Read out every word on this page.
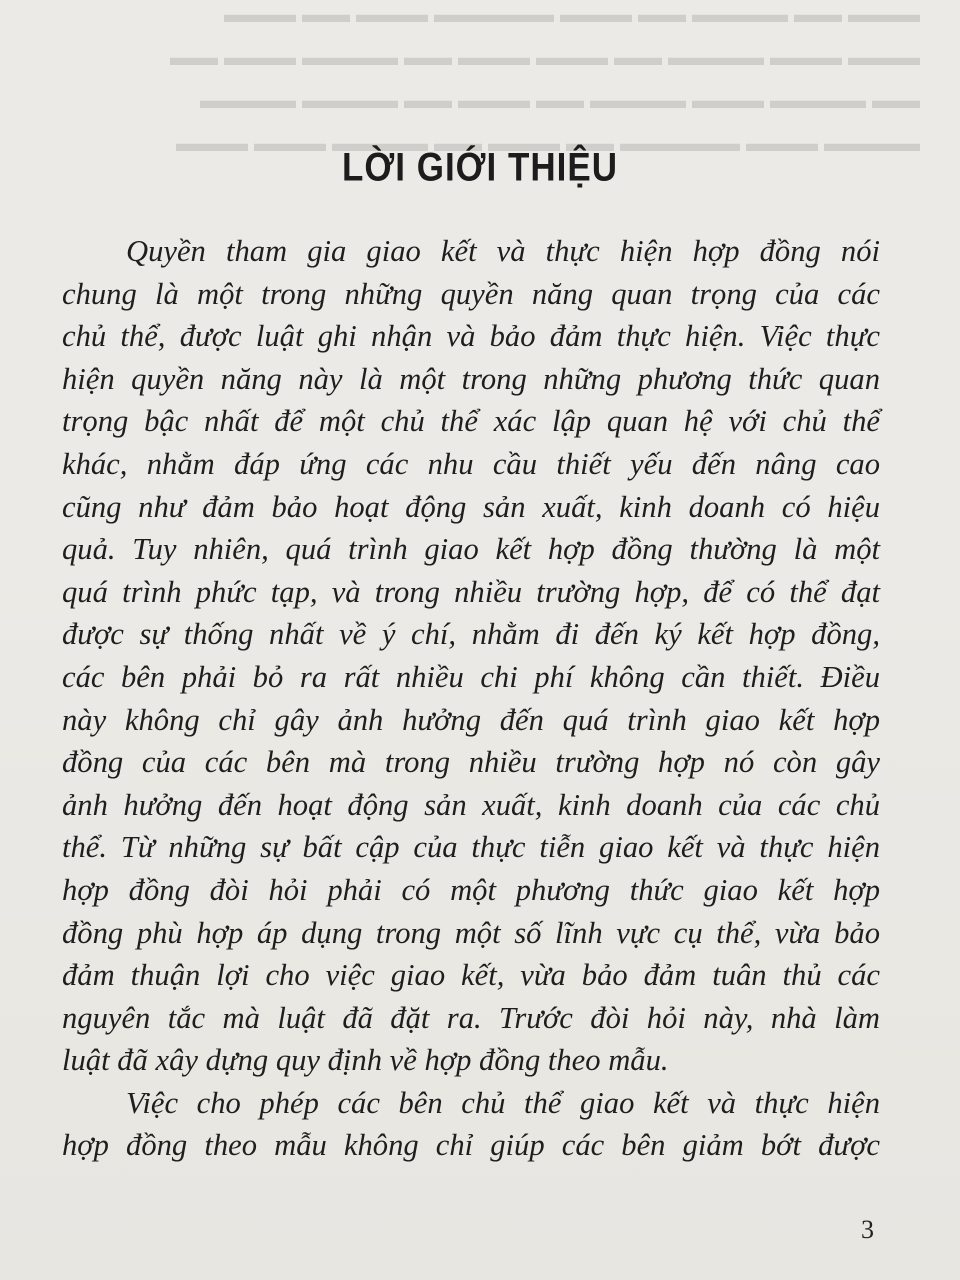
▬▬▬ ▬▬ ▬▬▬▬ ▬▬ ▬▬▬ ▬▬▬▬▬ ▬▬▬ ▬▬ ▬▬▬
▬▬▬ ▬▬▬ ▬▬▬▬ ▬▬ ▬▬▬ ▬▬▬ ▬▬ ▬▬▬▬ ▬▬▬ ▬▬
▬▬ ▬▬▬▬ ▬▬▬ ▬▬▬▬ ▬▬ ▬▬▬ ▬▬ ▬▬▬▬ ▬▬▬▬
▬▬▬▬ ▬▬▬ ▬▬▬▬▬ ▬▬ ▬▬▬ ▬▬ ▬▬▬▬ ▬▬▬ ▬▬▬
LỜI GIỚI THIỆU
Quyền tham gia giao kết và thực hiện hợp đồng nói
chung là một trong những quyền năng quan trọng của các
chủ thể, được luật ghi nhận và bảo đảm thực hiện. Việc thực
hiện quyền năng này là một trong những phương thức quan
trọng bậc nhất để một chủ thể xác lập quan hệ với chủ thể
khác, nhằm đáp ứng các nhu cầu thiết yếu đến nâng cao
cũng như đảm bảo hoạt động sản xuất, kinh doanh có hiệu
quả. Tuy nhiên, quá trình giao kết hợp đồng thường là một
quá trình phức tạp, và trong nhiều trường hợp, để có thể đạt
được sự thống nhất về ý chí, nhằm đi đến ký kết hợp đồng,
các bên phải bỏ ra rất nhiều chi phí không cần thiết. Điều
này không chỉ gây ảnh hưởng đến quá trình giao kết hợp
đồng của các bên mà trong nhiều trường hợp nó còn gây
ảnh hưởng đến hoạt động sản xuất, kinh doanh của các chủ
thể. Từ những sự bất cập của thực tiễn giao kết và thực hiện
hợp đồng đòi hỏi phải có một phương thức giao kết hợp
đồng phù hợp áp dụng trong một số lĩnh vực cụ thể, vừa bảo
đảm thuận lợi cho việc giao kết, vừa bảo đảm tuân thủ các
nguyên tắc mà luật đã đặt ra. Trước đòi hỏi này, nhà làm
luật đã xây dựng quy định về hợp đồng theo mẫu.
Việc cho phép các bên chủ thể giao kết và thực hiện
hợp đồng theo mẫu không chỉ giúp các bên giảm bớt được
3
